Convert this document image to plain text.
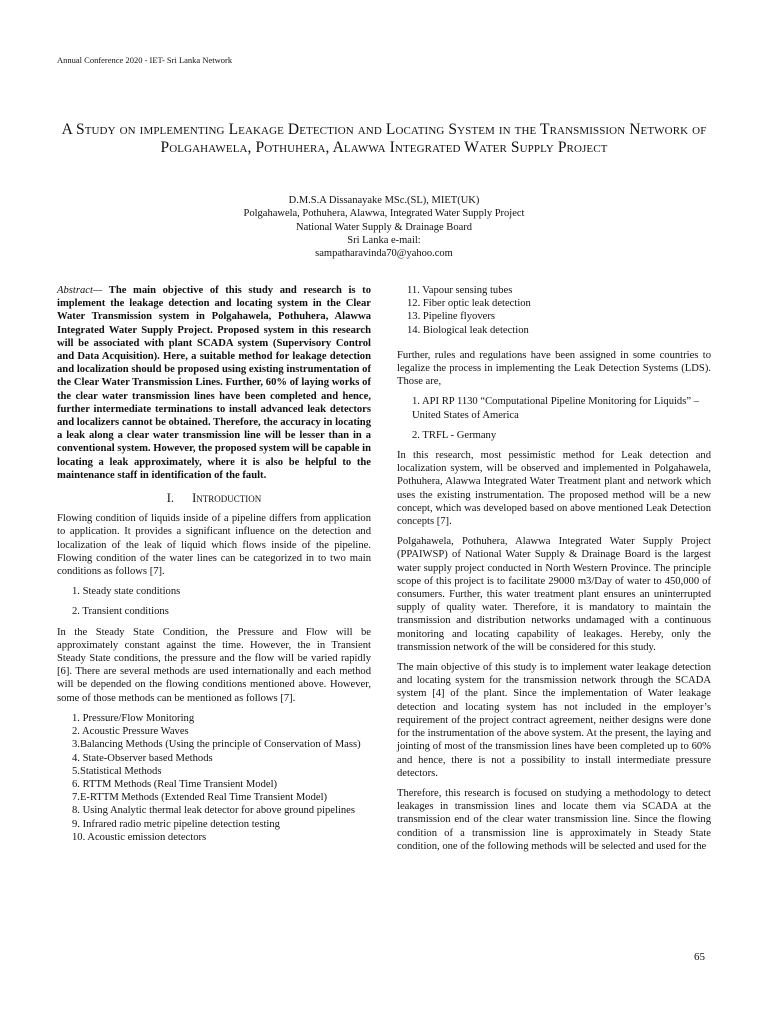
Annual Conference 2020 - IET- Sri Lanka Network
A Study on implementing Leakage Detection and Locating System in the Transmission Network of Polgahawela, Pothuhera, Alawwa Integrated Water Supply Project
D.M.S.A Dissanayake MSc.(SL), MIET(UK)
Polgahawela, Pothuhera, Alawwa, Integrated Water Supply Project
National Water Supply & Drainage Board
Sri Lanka e-mail:
sampatharavinda70@yahoo.com

Abstract— The main objective of this study and research is to implement the leakage detection and locating system in the Clear Water Transmission system in Polgahawela, Pothuhera, Alawwa Integrated Water Supply Project. Proposed system in this research will be associated with plant SCADA system (Supervisory Control and Data Acquisition). Here, a suitable method for leakage detection and localization should be proposed using existing instrumentation of the Clear Water Transmission Lines. Further, 60% of laying works of the clear water transmission lines have been completed and hence, further intermediate terminations to install advanced leak detectors and localizers cannot be obtained. Therefore, the accuracy in locating a leak along a clear water transmission line will be lesser than in a conventional system. However, the proposed system will be capable in locating a leak approximately, where it is also be helpful to the maintenance staff in identification of the fault.

I. Introduction

Flowing condition of liquids inside of a pipeline differs from application to application. It provides a significant influence on the detection and localization of the leak of liquid which flows inside of the pipeline. Flowing condition of the water lines can be categorized in to two main conditions as follows [7].

1. Steady state conditions
2. Transient conditions

In the Steady State Condition, the Pressure and Flow will be approximately constant against the time. However, the in Transient Steady State conditions, the pressure and the flow will be varied rapidly [6]. There are several methods are used internationally and each method will be depended on the flowing conditions mentioned above. However, some of those methods can be mentioned as follows [7].

1. Pressure/Flow Monitoring
2. Acoustic Pressure Waves
3.Balancing Methods (Using the principle of Conservation of Mass)
4. State-Observer based Methods
5.Statistical Methods
6. RTTM Methods (Real Time Transient Model)
7.E-RTTM Methods (Extended Real Time Transient Model)
8. Using Analytic thermal leak detector for above ground pipelines
9. Infrared radio metric pipeline detection testing
10. Acoustic emission detectors
11. Vapour sensing tubes
12. Fiber optic leak detection
13. Pipeline flyovers
14. Biological leak detection

Further, rules and regulations have been assigned in some countries to legalize the process in implementing the Leak Detection Systems (LDS). Those are,

1. API RP 1130 “Computational Pipeline Monitoring for Liquids” – United States of America
2. TRFL - Germany

In this research, most pessimistic method for Leak detection and localization system, will be observed and implemented in Polgahawela, Pothuhera, Alawwa Integrated Water Treatment plant and network which uses the existing instrumentation. The proposed method will be a new concept, which was developed based on above mentioned Leak Detection concepts [7].

Polgahawela, Pothuhera, Alawwa Integrated Water Supply Project (PPAIWSP) of National Water Supply & Drainage Board is the largest water supply project conducted in North Western Province. The principle scope of this project is to facilitate 29000 m3/Day of water to 450,000 of consumers. Further, this water treatment plant ensures an uninterrupted supply of quality water. Therefore, it is mandatory to maintain the transmission and distribution networks undamaged with a continuous monitoring and locating capability of leakages. Hereby, only the transmission network of the will be considered for this study.

The main objective of this study is to implement water leakage detection and locating system for the transmission network through the SCADA system [4] of the plant. Since the implementation of Water leakage detection and locating system has not included in the employer’s requirement of the project contract agreement, neither designs were done for the instrumentation of the above system. At the present, the laying and jointing of most of the transmission lines have been completed up to 60% and hence, there is not a possibility to install intermediate pressure detectors.

Therefore, this research is focused on studying a methodology to detect leakages in transmission lines and locate them via SCADA at the transmission end of the clear water transmission line. Since the flowing condition of a transmission line is approximately in Steady State condition, one of the following methods will be selected and used for the

65
